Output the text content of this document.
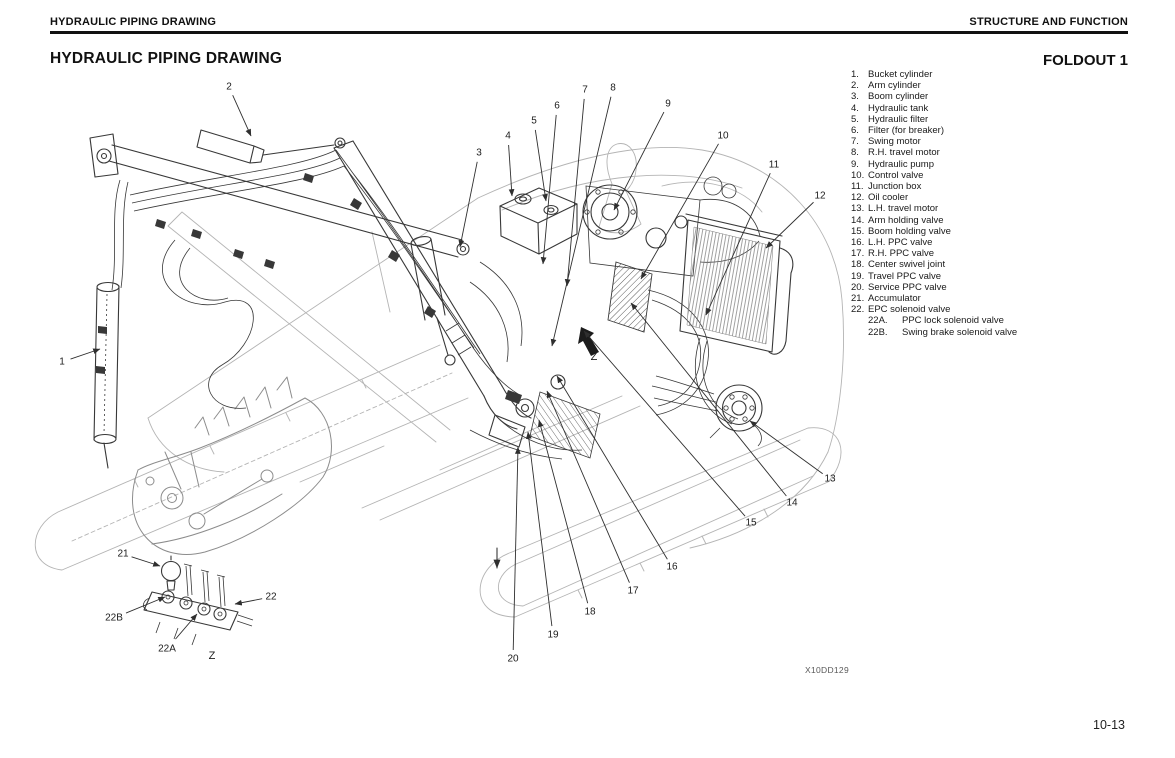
HYDRAULIC PIPING DRAWING	STRUCTURE AND FUNCTION
HYDRAULIC PIPING DRAWING	FOLDOUT 1
1. Bucket cylinder
2. Arm cylinder
3. Boom cylinder
4. Hydraulic tank
5. Hydraulic filter
6. Filter (for breaker)
7. Swing motor
8. R.H. travel motor
9. Hydraulic pump
10. Control valve
11. Junction box
12. Oil cooler
13. L.H. travel motor
14. Arm holding valve
15. Boom holding valve
16. L.H. PPC valve
17. R.H. PPC valve
18. Center swivel joint
19. Travel PPC valve
20. Service PPC valve
21. Accumulator
22. EPC solenoid valve
22A. PPC lock solenoid valve
22B. Swing brake solenoid valve
1
2
3
4
5
6
7 8
9
10
11
12
13
14
15
16
17
18
19
20
21
22
22B
22A
Z
Z
X10DD129
10-13
